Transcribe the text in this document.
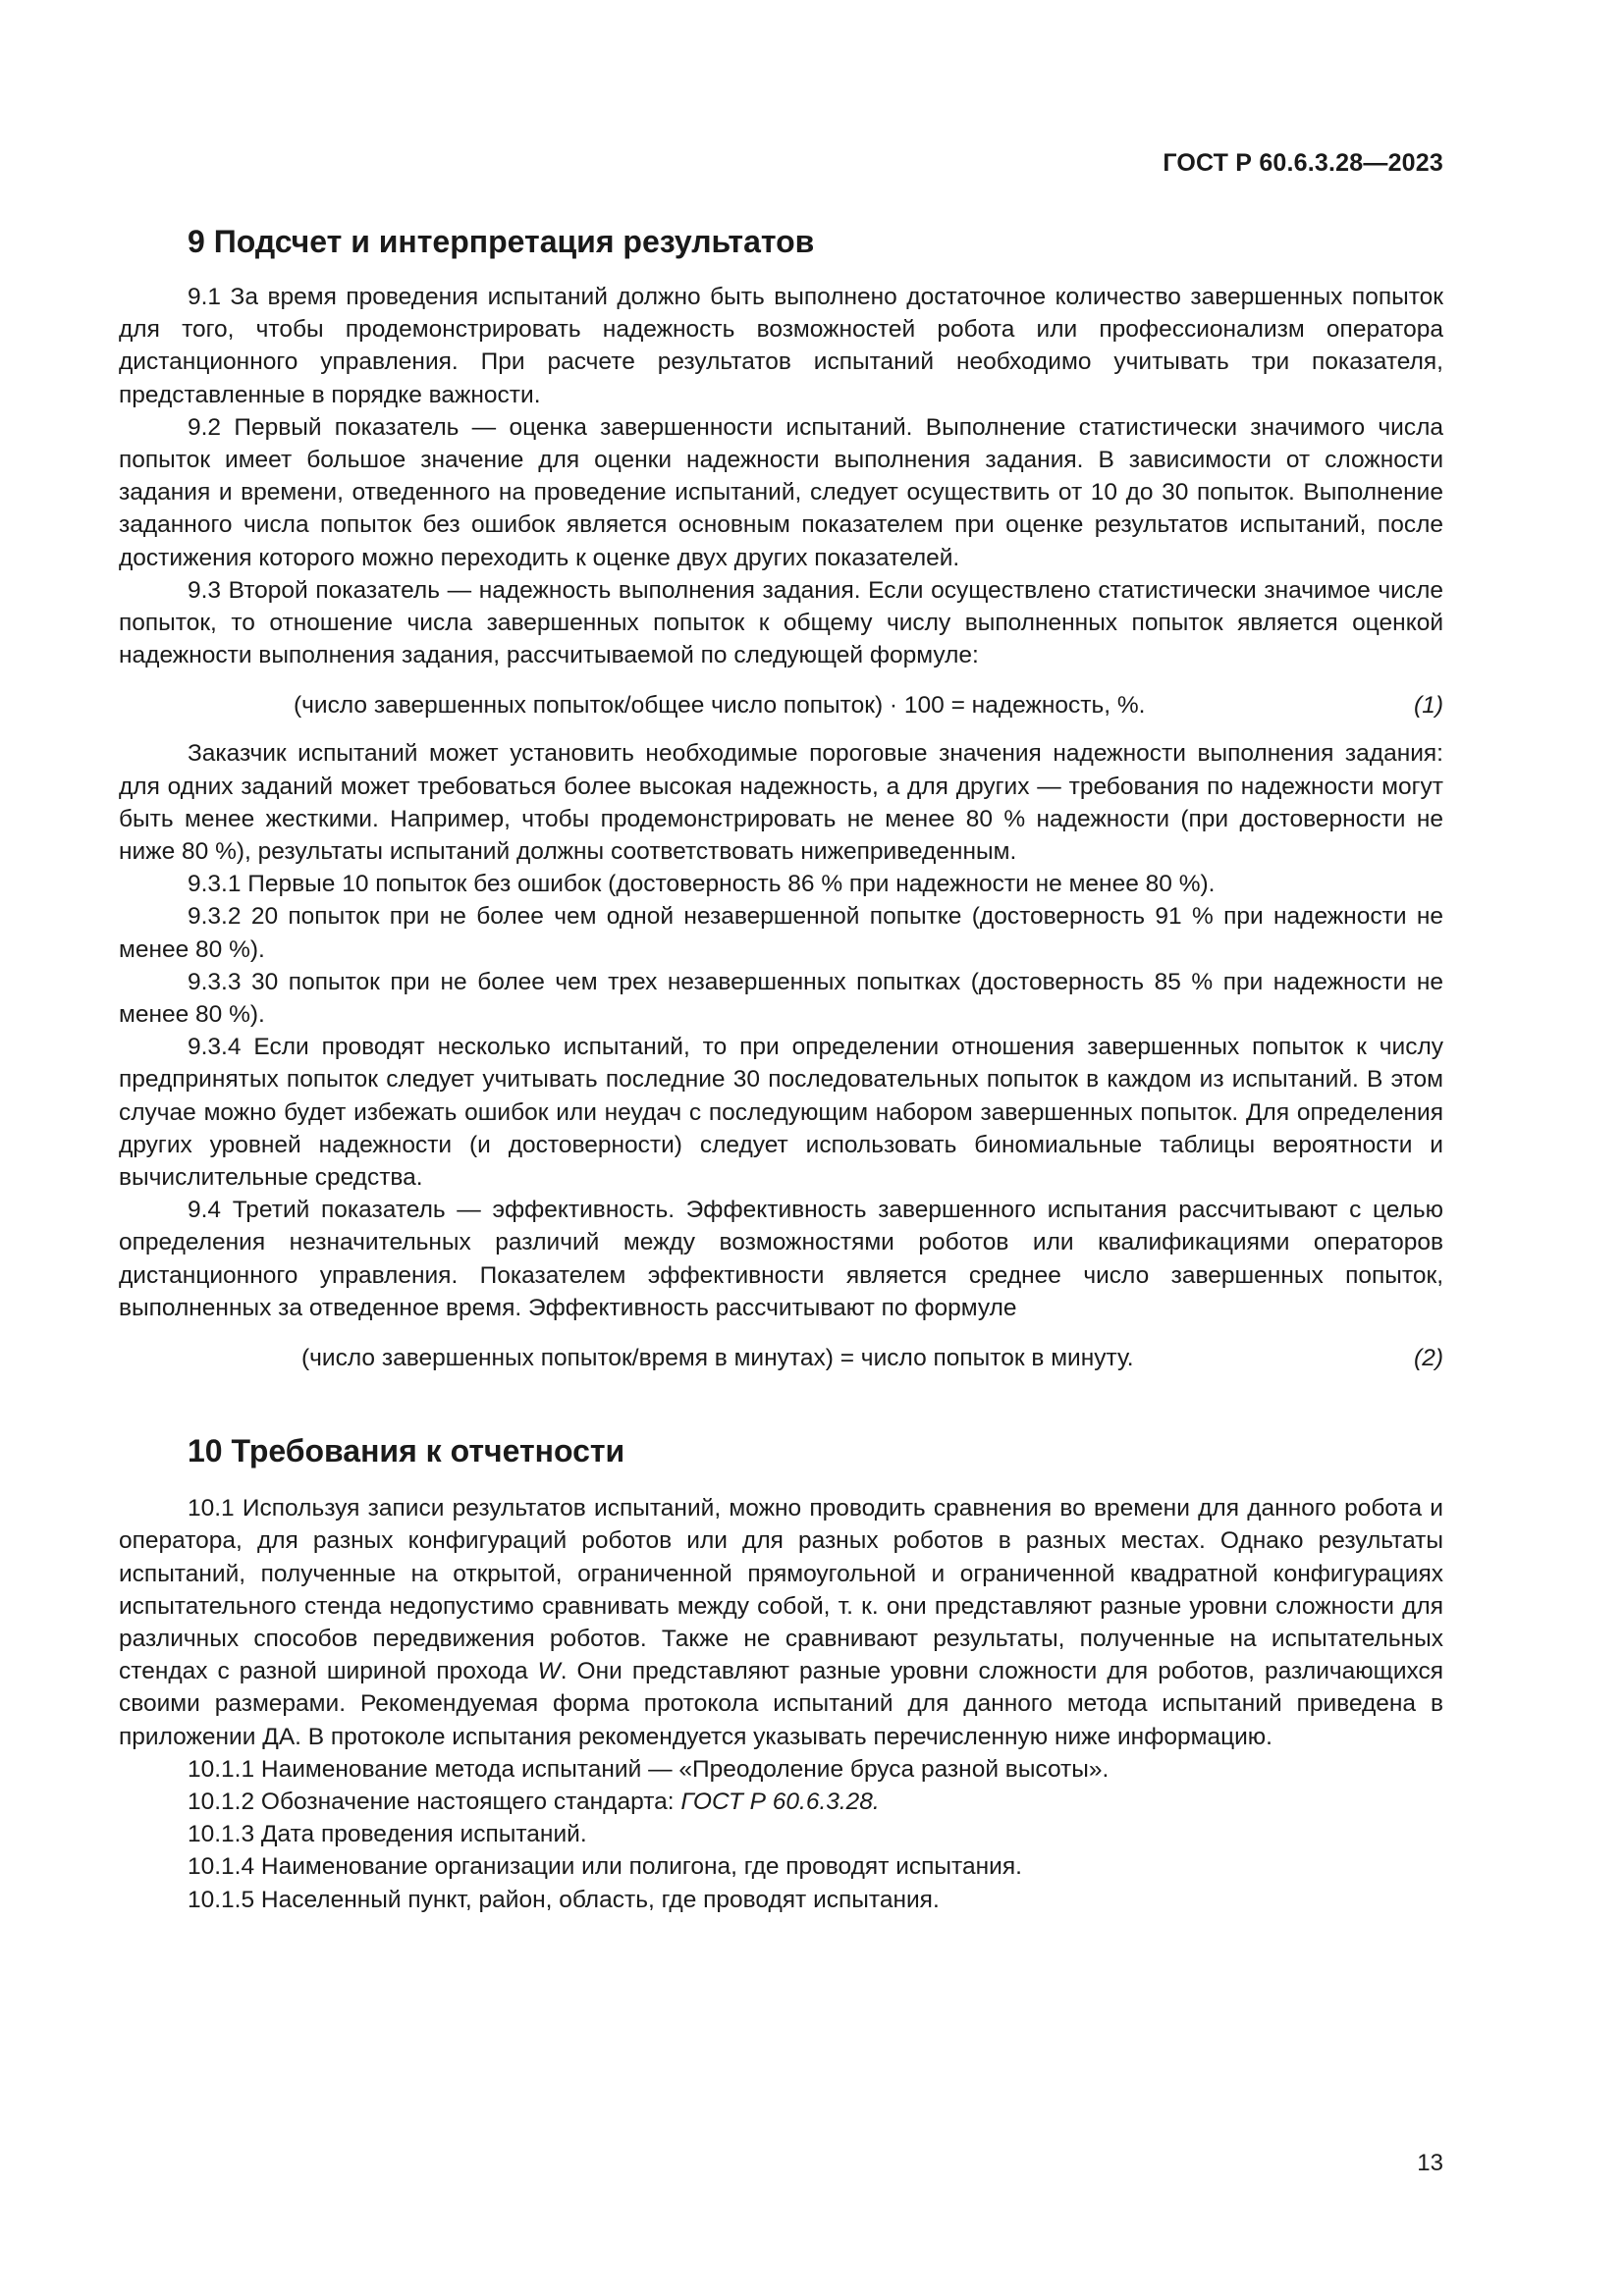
ГОСТ Р 60.6.3.28—2023
9 Подсчет и интерпретация результатов

9.1 За время проведения испытаний должно быть выполнено достаточное количество завершенных попыток для того, чтобы продемонстрировать надежность возможностей робота или профессионализм оператора дистанционного управления. При расчете результатов испытаний необходимо учитывать три показателя, представленные в порядке важности.

9.2 Первый показатель — оценка завершенности испытаний. Выполнение статистически значимого числа попыток имеет большое значение для оценки надежности выполнения задания. В зависимости от сложности задания и времени, отведенного на проведение испытаний, следует осуществить от 10 до 30 попыток. Выполнение заданного числа попыток без ошибок является основным показателем при оценке результатов испытаний, после достижения которого можно переходить к оценке двух других показателей.

9.3 Второй показатель — надежность выполнения задания. Если осуществлено статистически значимое числе попыток, то отношение числа завершенных попыток к общему числу выполненных попыток является оценкой надежности выполнения задания, рассчитываемой по следующей формуле:

(число завершенных попыток/общее число попыток) · 100 = надежность, %.	(1)

Заказчик испытаний может установить необходимые пороговые значения надежности выполнения задания: для одних заданий может требоваться более высокая надежность, а для других — требования по надежности могут быть менее жесткими. Например, чтобы продемонстрировать не менее 80 % надежности (при достоверности не ниже 80 %), результаты испытаний должны соответствовать нижеприведенным.

9.3.1 Первые 10 попыток без ошибок (достоверность 86 % при надежности не менее 80 %).

9.3.2 20 попыток при не более чем одной незавершенной попытке (достоверность 91 % при надежности не менее 80 %).

9.3.3 30 попыток при не более чем трех незавершенных попытках (достоверность 85 % при надежности не менее 80 %).

9.3.4 Если проводят несколько испытаний, то при определении отношения завершенных попыток к числу предпринятых попыток следует учитывать последние 30 последовательных попыток в каждом из испытаний. В этом случае можно будет избежать ошибок или неудач с последующим набором завершенных попыток. Для определения других уровней надежности (и достоверности) следует использовать биномиальные таблицы вероятности и вычислительные средства.

9.4 Третий показатель — эффективность. Эффективность завершенного испытания рассчитывают с целью определения незначительных различий между возможностями роботов или квалификациями операторов дистанционного управления. Показателем эффективности является среднее число завершенных попыток, выполненных за отведенное время. Эффективность рассчитывают по формуле

(число завершенных попыток/время в минутах) = число попыток в минуту.	(2)
10 Требования к отчетности

10.1 Используя записи результатов испытаний, можно проводить сравнения во времени для данного робота и оператора, для разных конфигураций роботов или для разных роботов в разных местах. Однако результаты испытаний, полученные на открытой, ограниченной прямоугольной и ограниченной квадратной конфигурациях испытательного стенда недопустимо сравнивать между собой, т. к. они представляют разные уровни сложности для различных способов передвижения роботов. Также не сравнивают результаты, полученные на испытательных стендах с разной шириной прохода W. Они представляют разные уровни сложности для роботов, различающихся своими размерами. Рекомендуемая форма протокола испытаний для данного метода испытаний приведена в приложении ДА. В протоколе испытания рекомендуется указывать перечисленную ниже информацию.

10.1.1 Наименование метода испытаний — «Преодоление бруса разной высоты».

10.1.2 Обозначение настоящего стандарта: ГОСТ Р 60.6.3.28.

10.1.3 Дата проведения испытаний.

10.1.4 Наименование организации или полигона, где проводят испытания.

10.1.5 Населенный пункт, район, область, где проводят испытания.

13
